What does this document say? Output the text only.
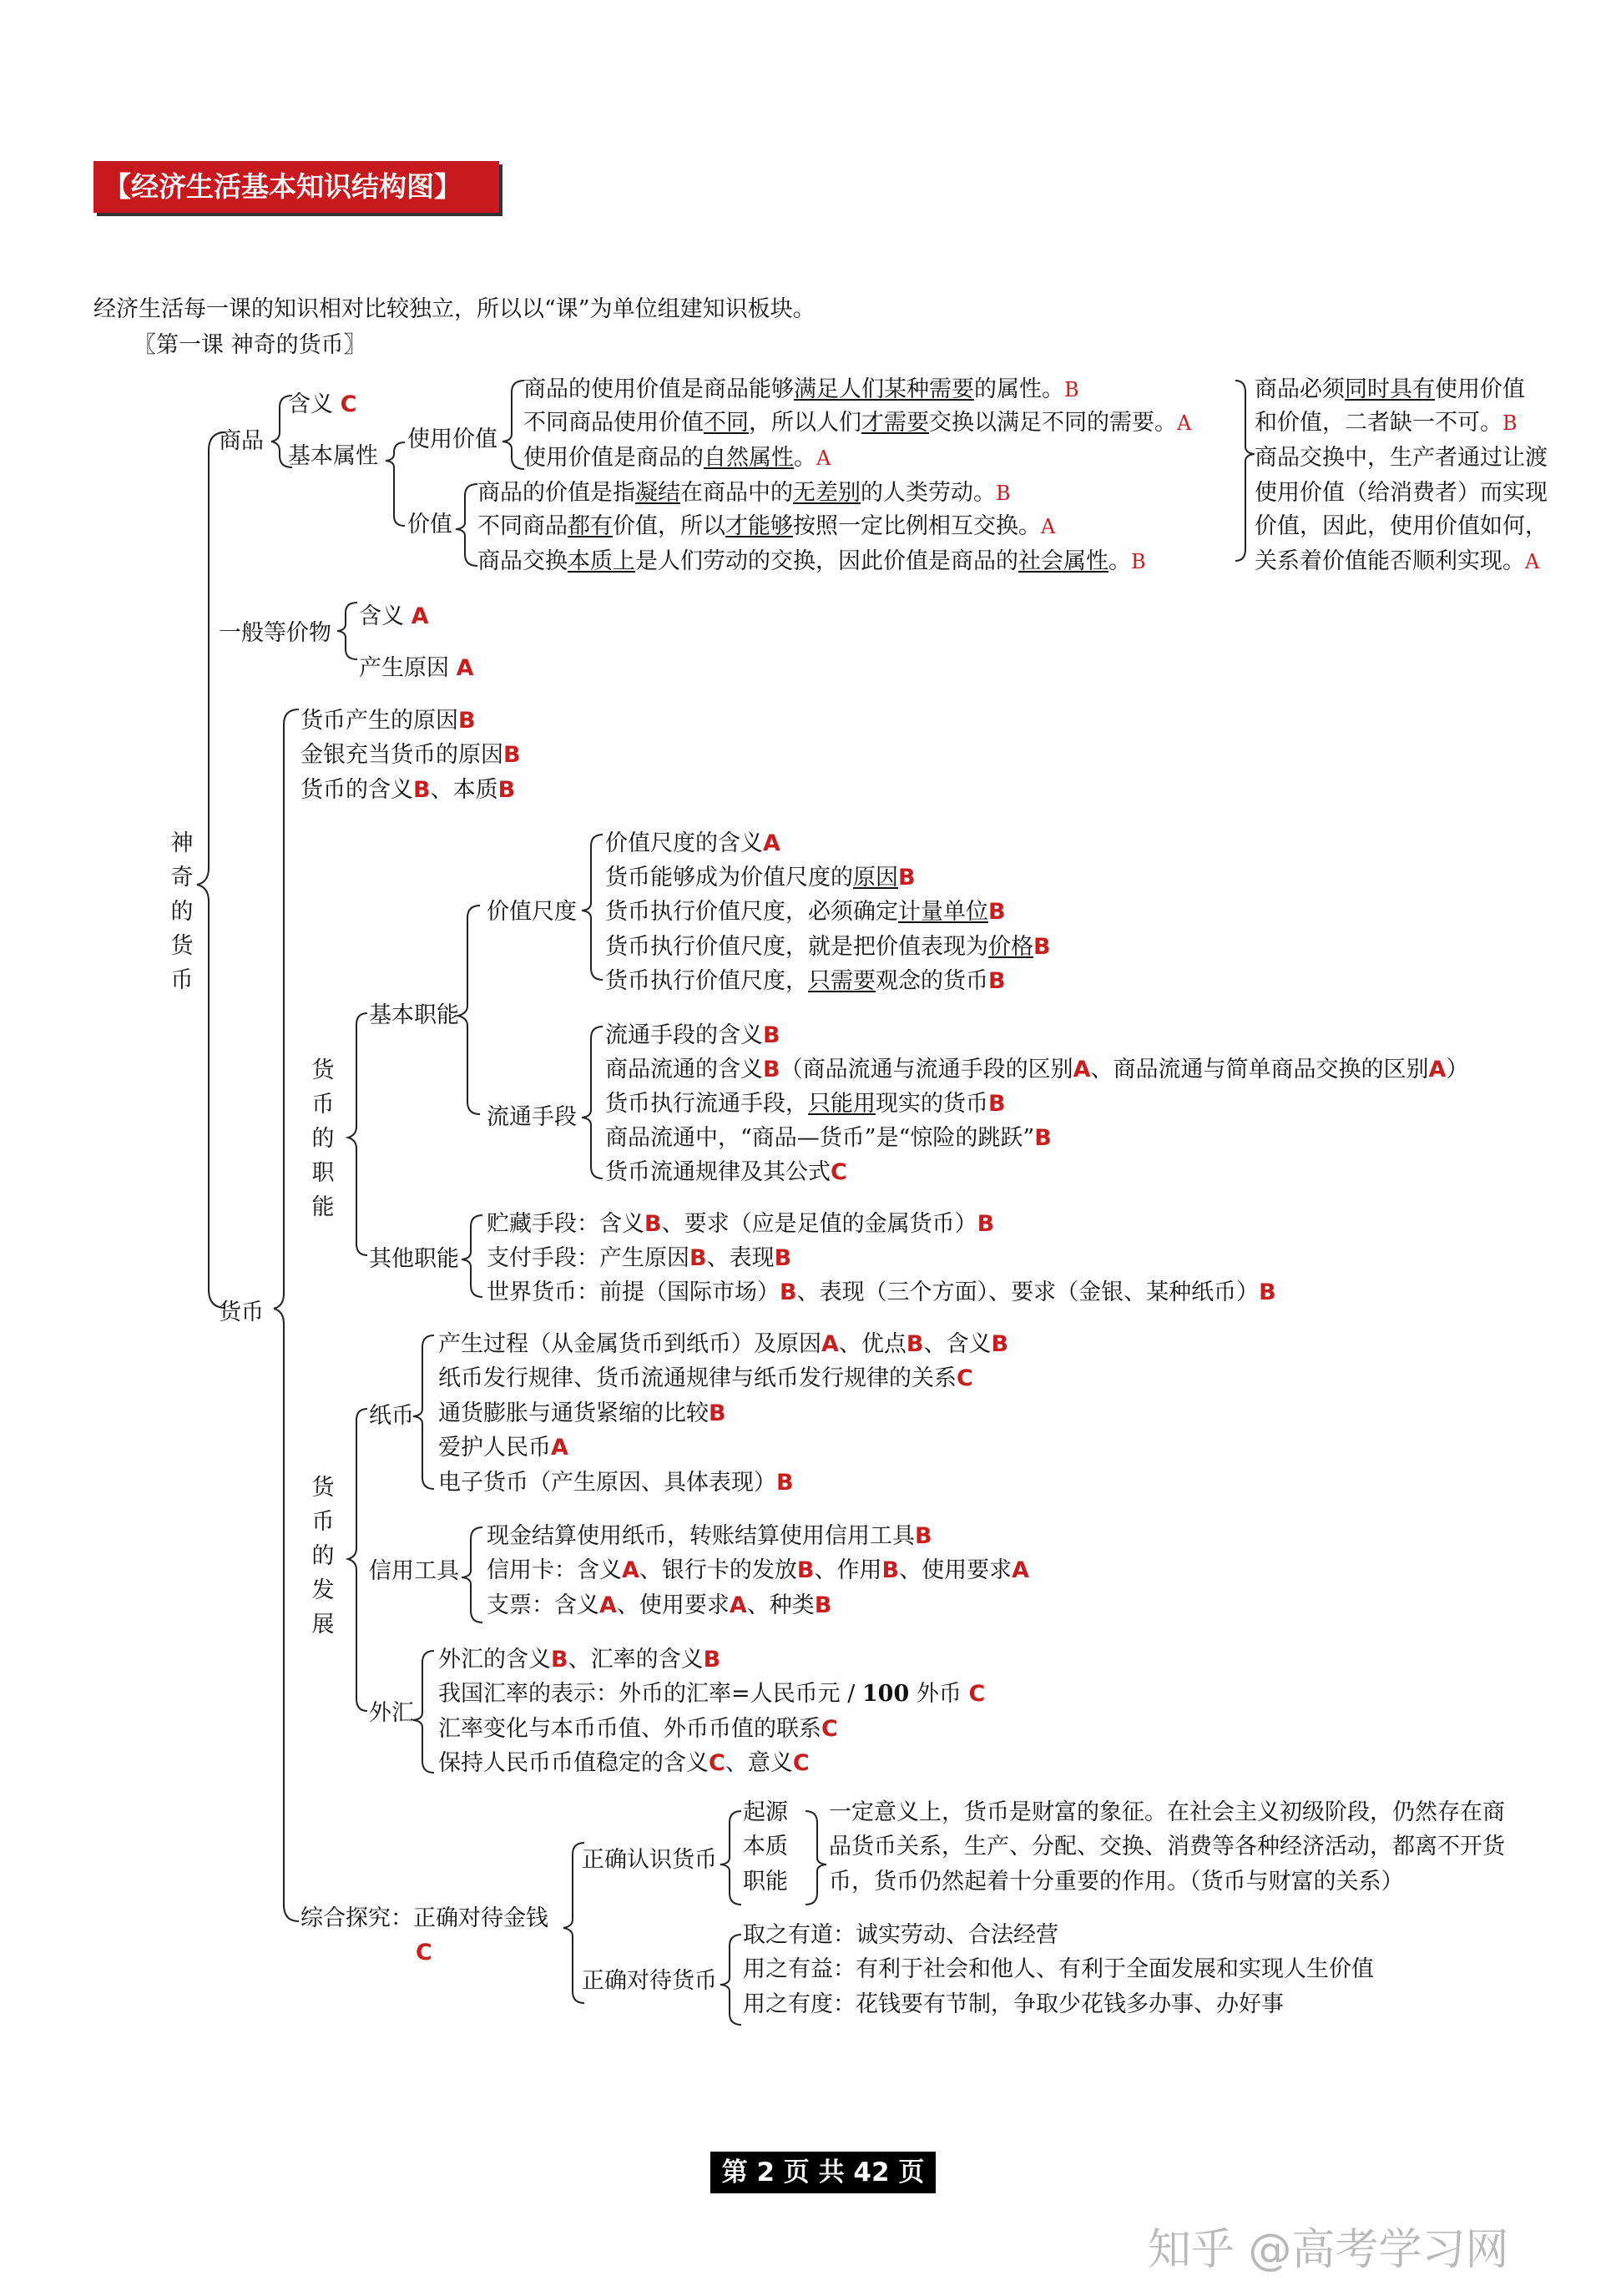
【经济生活基本知识结构图】
经济生活每一课的知识相对比较独立，所以以“课”为单位组建知识板块。
〖第一课 神奇的货币〗
神奇的货币
商品
含义 C
基本属性
使用价值
商品的使用价值是商品能够满足人们某种需要的属性。B
不同商品使用价值不同，所以人们才需要交换以满足不同的需要。A
使用价值是商品的自然属性。A
价值
商品的价值是指凝结在商品中的无差别的人类劳动。B
不同商品都有价值，所以才能够按照一定比例相互交换。A
商品交换本质上是人们劳动的交换，因此价值是商品的社会属性。B
商品必须同时具有使用价值
和价值，二者缺一不可。B
商品交换中，生产者通过让渡
使用价值（给消费者）而实现
价值，因此，使用价值如何，
关系着价值能否顺利实现。A
一般等价物
含义 A
产生原因 A
货币
货币产生的原因B
金银充当货币的原因B
货币的含义B、本质B
货币的职能
基本职能
价值尺度
价值尺度的含义A
货币能够成为价值尺度的原因B
货币执行价值尺度，必须确定计量单位B
货币执行价值尺度，就是把价值表现为价格B
货币执行价值尺度，只需要观念的货币B
流通手段
流通手段的含义B
商品流通的含义B（商品流通与流通手段的区别A、商品流通与简单商品交换的区别A）
货币执行流通手段，只能用现实的货币B
商品流通中，“商品—货币”是“惊险的跳跃”B
货币流通规律及其公式C
其他职能
贮藏手段：含义B、要求（应是足值的金属货币）B
支付手段：产生原因B、表现B
世界货币：前提（国际市场）B、表现（三个方面）、要求（金银、某种纸币）B
货币的发展
纸币
产生过程（从金属货币到纸币）及原因A、优点B、含义B
纸币发行规律、货币流通规律与纸币发行规律的关系C
通货膨胀与通货紧缩的比较B
爱护人民币A
电子货币（产生原因、具体表现）B
信用工具
现金结算使用纸币，转账结算使用信用工具B
信用卡：含义A、银行卡的发放B、作用B、使用要求A
支票：含义A、使用要求A、种类B
外汇
外汇的含义B、汇率的含义B
我国汇率的表示：外币的汇率=人民币元 / 100 外币 C
汇率变化与本币币值、外币币值的联系C
保持人民币币值稳定的含义C、意义C
综合探究：正确对待金钱
C
正确认识货币
起源
本质
职能
一定意义上，货币是财富的象征。在社会主义初级阶段，仍然存在商
品货币关系，生产、分配、交换、消费等各种经济活动，都离不开货
币，货币仍然起着十分重要的作用。（货币与财富的关系）
正确对待货币
取之有道：诚实劳动、合法经营
用之有益：有利于社会和他人、有利于全面发展和实现人生价值
用之有度：花钱要有节制，争取少花钱多办事、办好事
第 2 页 共 42 页
知乎 @高考学习网
